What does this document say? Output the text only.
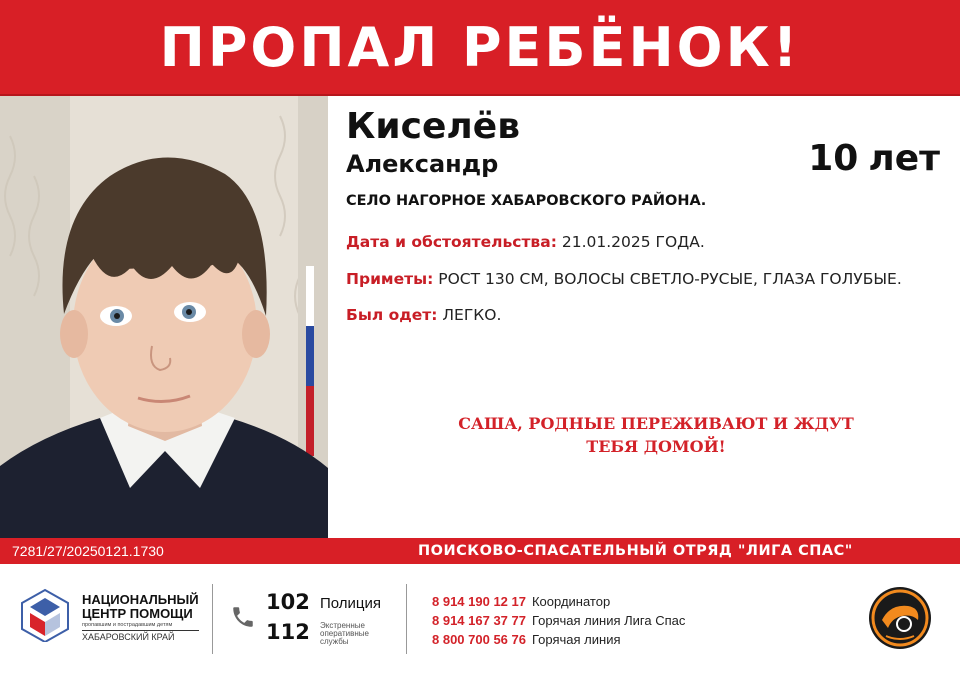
ПРОПАЛ РЕБЁНОК!
Киселёв
Александр	10 лет
СЕЛО НАГОРНОЕ ХАБАРОВСКОГО РАЙОНА.
Дата и обстоятельства: 21.01.2025 ГОДА.
Приметы: РОСТ 130 СМ, ВОЛОСЫ СВЕТЛО-РУСЫЕ, ГЛАЗА ГОЛУБЫЕ.
Был одет: ЛЕГКО.
САША, РОДНЫЕ ПЕРЕЖИВАЮТ И ЖДУТ
ТЕБЯ ДОМОЙ!
7281/27/20250121.1730	ПОИСКОВО-СПАСАТЕЛЬНЫЙ ОТРЯД "ЛИГА СПАС"
НАЦИОНАЛЬНЫЙ
ЦЕНТР ПОМОЩИ
пропавшим и пострадавшим детям
ХАБАРОВСКИЙ КРАЙ
102
112
Полиция
Экстренные оперативные службы
8 914 190 12 17 Координатор
8 914 167 37 77 Горячая линия Лига Спас
8 800 700 56 76 Горячая линия
